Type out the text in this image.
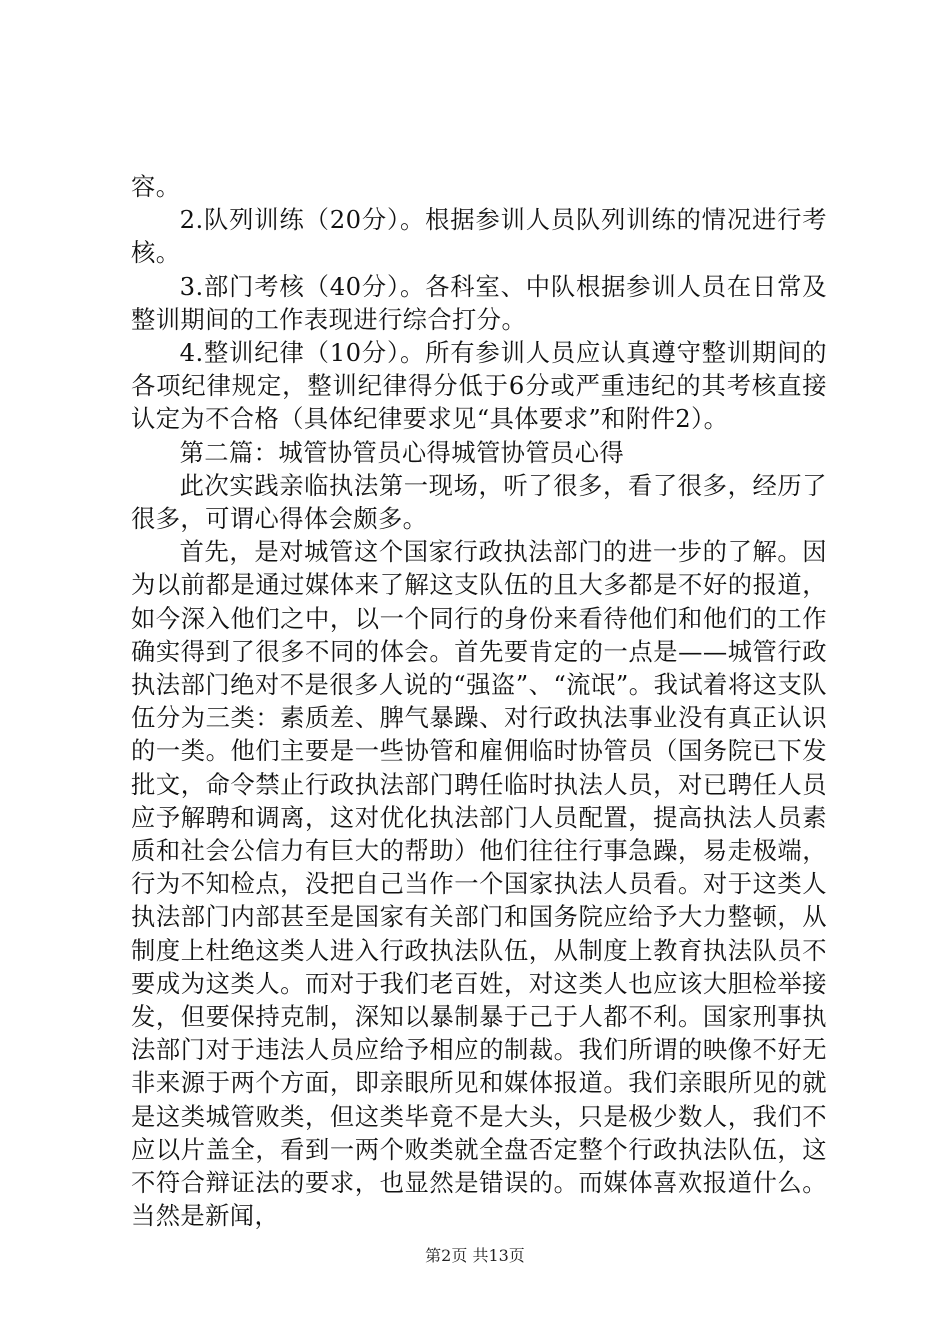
容。

2.队列训练（20分）。根据参训人员队列训练的情况进行考核。

3.部门考核（40分）。各科室、中队根据参训人员在日常及整训期间的工作表现进行综合打分。

4.整训纪律（10分）。所有参训人员应认真遵守整训期间的各项纪律规定，整训纪律得分低于6分或严重违纪的其考核直接认定为不合格（具体纪律要求见“具体要求”和附件2）。

第二篇：城管协管员心得城管协管员心得

此次实践亲临执法第一现场，听了很多，看了很多，经历了很多，可谓心得体会颇多。

首先，是对城管这个国家行政执法部门的进一步的了解。因为以前都是通过媒体来了解这支队伍的且大多都是不好的报道，如今深入他们之中，以一个同行的身份来看待他们和他们的工作确实得到了很多不同的体会。首先要肯定的一点是——城管行政执法部门绝对不是很多人说的“强盗”、“流氓”。我试着将这支队伍分为三类：素质差、脾气暴躁、对行政执法事业没有真正认识的一类。他们主要是一些协管和雇佣临时协管员（国务院已下发批文，命令禁止行政执法部门聘任临时执法人员，对已聘任人员应予解聘和调离，这对优化执法部门人员配置，提高执法人员素质和社会公信力有巨大的帮助）他们往往行事急躁，易走极端，行为不知检点，没把自己当作一个国家执法人员看。对于这类人执法部门内部甚至是国家有关部门和国务院应给予大力整顿，从制度上杜绝这类人进入行政执法队伍，从制度上教育执法队员不要成为这类人。而对于我们老百姓，对这类人也应该大胆检举接发，但要保持克制，深知以暴制暴于己于人都不利。国家刑事执法部门对于违法人员应给予相应的制裁。我们所谓的映像不好无非来源于两个方面，即亲眼所见和媒体报道。我们亲眼所见的就是这类城管败类，但这类毕竟不是大头，只是极少数人，我们不应以片盖全，看到一两个败类就全盘否定整个行政执法队伍，这不符合辩证法的要求，也显然是错误的。而媒体喜欢报道什么。当然是新闻，

第2页 共13页
